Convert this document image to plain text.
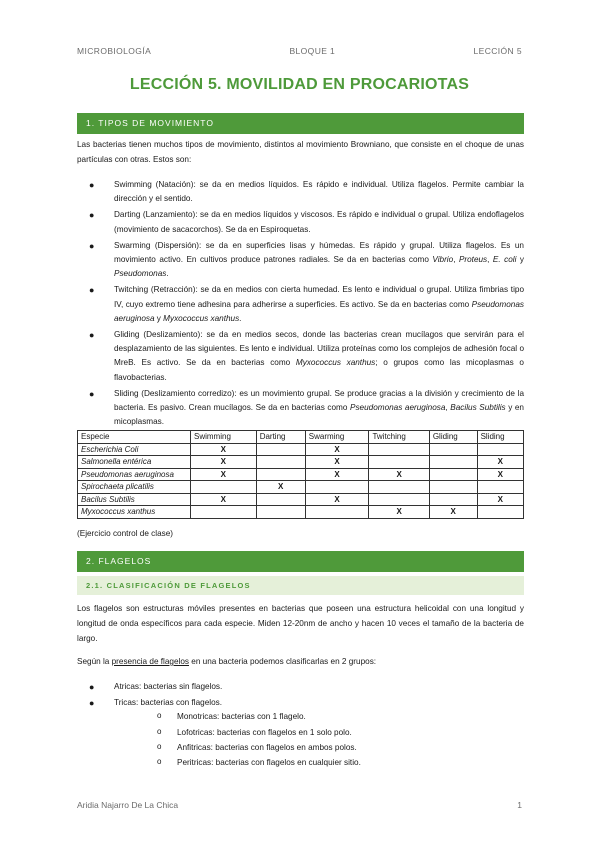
MICROBIOLOGÍA	BLOQUE 1	LECCIÓN 5
LECCIÓN 5. MOVILIDAD EN PROCARIOTAS
1. TIPOS DE MOVIMIENTO
Las bacterias tienen muchos tipos de movimiento, distintos al movimiento Browniano, que consiste en el choque de unas partículas con otras. Estos son:
● Swimming (Natación): se da en medios líquidos. Es rápido e individual. Utiliza flagelos. Permite cambiar la dirección y el sentido.
● Darting (Lanzamiento): se da en medios líquidos y viscosos. Es rápido e individual o grupal. Utiliza endoflagelos (movimiento de sacacorchos). Se da en Espiroquetas.
● Swarming (Dispersión): se da en superficies lisas y húmedas. Es rápido y grupal. Utiliza flagelos. Es un movimiento activo. En cultivos produce patrones radiales. Se da en bacterias como Vibrio, Proteus, E. coli y Pseudomonas.
● Twitching (Retracción): se da en medios con cierta humedad. Es lento e individual o grupal. Utiliza fimbrias tipo IV, cuyo extremo tiene adhesina para adherirse a superficies. Es activo. Se da en bacterias como Pseudomonas aeruginosa y Myxococcus xanthus.
● Gliding (Deslizamiento): se da en medios secos, donde las bacterias crean mucílagos que servirán para el desplazamiento de las siguientes. Es lento e individual. Utiliza proteínas como los complejos de adhesión focal o MreB. Es activo. Se da en bacterias como Myxococcus xanthus; o grupos como las micoplasmas o flavobacterias.
● Sliding (Deslizamiento corredizo): es un movimiento grupal. Se produce gracias a la división y crecimiento de la bacteria. Es pasivo. Crean mucílagos. Se da en bacterias como Pseudomonas aeruginosa, Bacilus Subtilis y en micoplasmas.
Especie	Swimming	Darting	Swarming	Twitching	Gliding	Sliding
Escherichia Coli	X		X			
Salmonella entérica	X		X			X
Pseudomonas aeruginosa	X		X	X		X
Spirochaeta plicatilis		X				
Bacilus Subtilis	X		X			X
Myxococcus xanthus				X	X	
(Ejercicio control de clase)
2. FLAGELOS
2.1. CLASIFICACIÓN DE FLAGELOS
Los flagelos son estructuras móviles presentes en bacterias que poseen una estructura helicoidal con una longitud y longitud de onda específicos para cada especie. Miden 12-20nm de ancho y hacen 10 veces el tamaño de la bacteria de largo.
Según la presencia de flagelos en una bacteria podemos clasificarlas en 2 grupos:
● Atricas: bacterias sin flagelos.
● Tricas: bacterias con flagelos.
o Monotricas: bacterias con 1 flagelo.
o Lofotricas: bacterias con flagelos en 1 solo polo.
o Anfitricas: bacterias con flagelos en ambos polos.
o Peritricas: bacterias con flagelos en cualquier sitio.
Aridia Najarro De La Chica	1
